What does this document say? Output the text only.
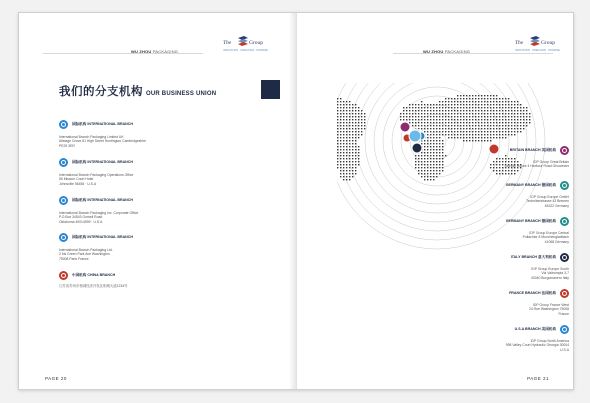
WU ZHOU PACKAGING
The	Group
INNOVATION · PRECISION · PROMISE
我们的分支机构 OUR BUSINESS UNION
国际机构 INTERNATIONAL BRANCH
International Branch Packaging Limited UK
Allstage Grove 81 High Street Huntington Cambridgeshire
PE29 3ER
国际机构 INTERNATIONAL BRANCH
International Branch Packaging Operations Office
56 Mission Court Hotel
Johnsville 56456 · U.S.A
国际机构 INTERNATIONAL BRANCH
International Branch Packaging Inc. Corporate Office
P.O.Box 34543 Gomell Road
Oklahoma 40014599 · U.S.A
国际机构 INTERNATIONAL BRANCH
International Branch Packaging Ltd.
2 bis Green Park Ave Washington
75008 Paris France
中国机构 CHINA BRANCH
江苏省苏州市相城经济开发区相城大道1234号
PAGE 20
WU ZHOU PACKAGING
The	Group
INNOVATION · PRECISION · PROMISE
BRITAIN BRANCH 英国机构
IDP Group Great Britain
Norfolk House 4 Harbour Road Gloucester
GERMANY BRANCH 德国机构
IDP Group Europe GmbH
Technikerstrasse 43 Bremen
45322 Germany
GERMANY BRANCH 德国机构
IDP Group Europe Central
Pullachstr 8 Munchengladbach
41068 Germany
ITALY BRANCH 意大利机构
IDP Group Europe South
Via Valtrompia 3-7
43040 Borgomanero Italy
FRANCE BRANCH 法国机构
IDP Group France West
24 Rue Washington 75008
France
U.S.A BRANCH 美国机构
IDP Group North America
998 Valley Court Hydraulic Georgia 30004
U.S.A
PAGE 21
